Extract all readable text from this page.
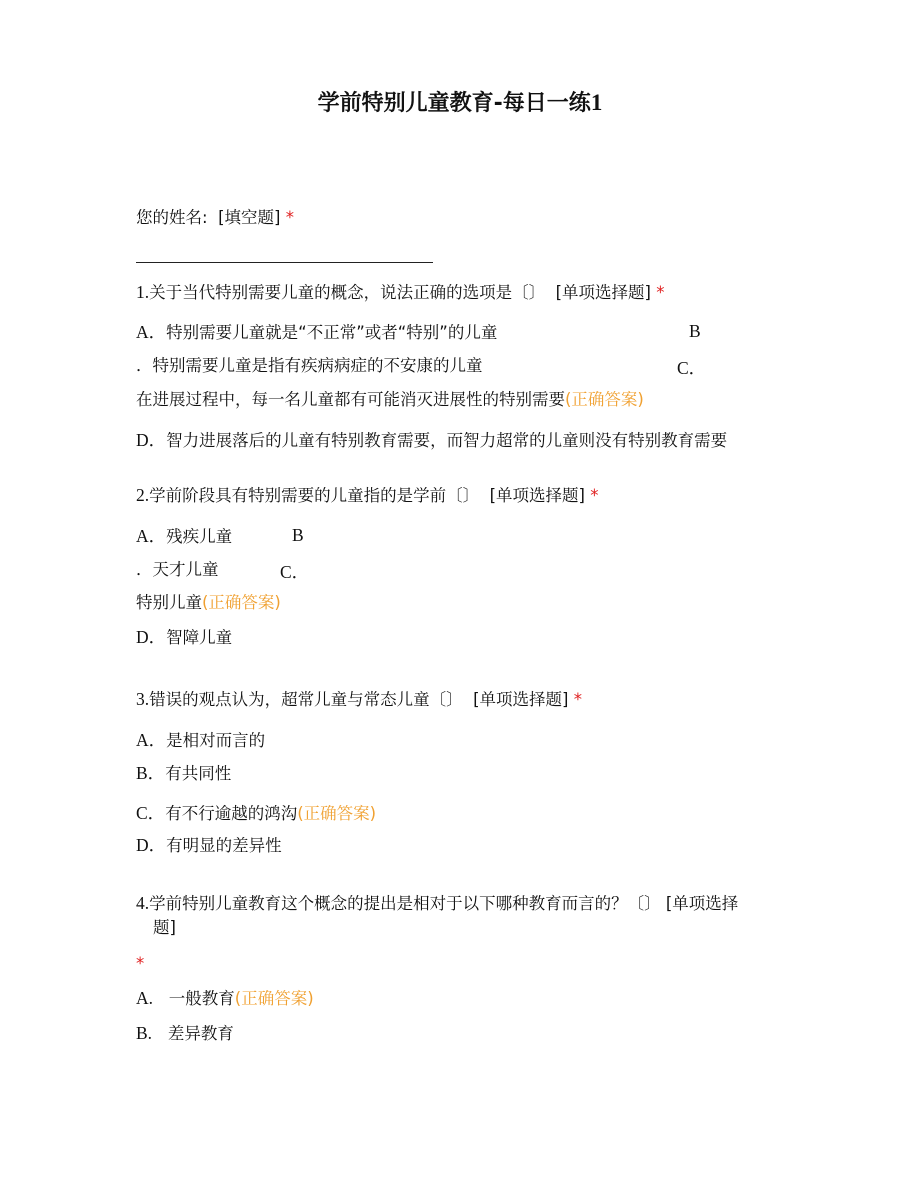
学前特别儿童教育-每日一练1
您的姓名: [填空题] *
1.关于当代特别需要儿童的概念，说法正确的选项是〔〕 [单项选择题] *
A．特别需要儿童就是“不正常”或者“特别”的儿童	B
．特别需要儿童是指有疾病病症的不安康的儿童	C．
在进展过程中，每一名儿童都有可能消灭进展性的特别需要(正确答案)
D．智力进展落后的儿童有特别教育需要，而智力超常的儿童则没有特别教育需要
2.学前阶段具有特别需要的儿童指的是学前〔〕 [单项选择题] *
A．残疾儿童	B
．天才儿童	C．
特别儿童(正确答案)
D．智障儿童
3.错误的观点认为，超常儿童与常态儿童〔〕 [单项选择题] *
A．是相对而言的
B．有共同性
C．有不行逾越的鸿沟(正确答案)
D．有明显的差异性
4.学前特别儿童教育这个概念的提出是相对于以下哪种教育而言的？〔〕 [单项选择
题]
*
A. 一般教育(正确答案)
B. 差异教育
